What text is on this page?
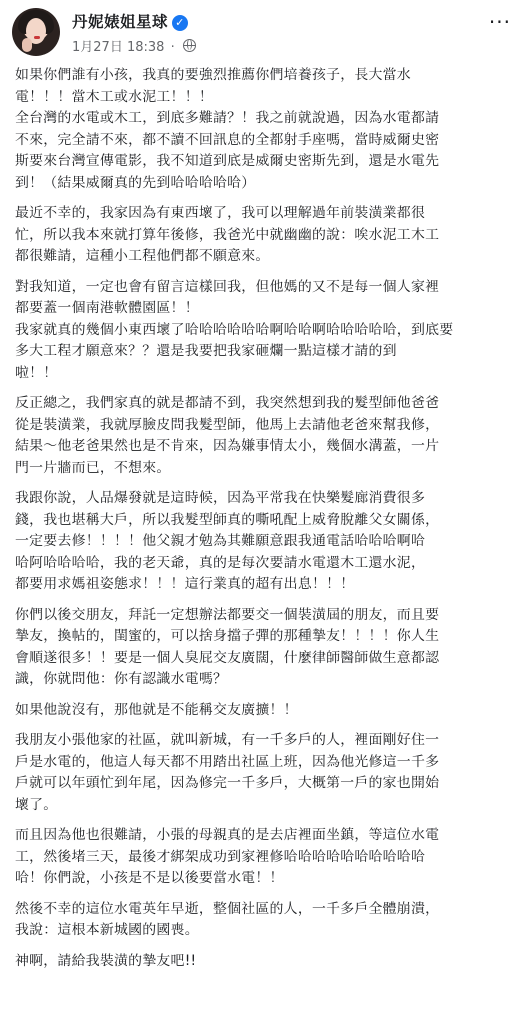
丹妮婊姐星球 ✓
1月27日 18:38 ·
···

如果你們誰有小孩，我真的要強烈推薦你們培養孩子，長大當水
電！！！當木工或水泥工！！！
全台灣的水電或木工，到底多難請？！我之前就說過，因為水電都請
不來，完全請不來，都不讀不回訊息的全都射手座嗎，當時威爾史密
斯要來台灣宣傳電影，我不知道到底是威爾史密斯先到，還是水電先
到！（結果威爾真的先到哈哈哈哈哈）

最近不幸的，我家因為有東西壞了，我可以理解過年前裝潢業都很
忙，所以我本來就打算年後修，我爸光中就幽幽的說：唉水泥工木工
都很難請，這種小工程他們都不願意來。

對我知道，一定也會有留言這樣回我，但他媽的又不是每一個人家裡
都要蓋一個南港軟體園區！！
我家就真的幾個小東西壞了哈哈哈哈哈哈啊哈哈啊哈哈哈哈哈，到底要
多大工程才願意來？？還是我要把我家砸爛一點這樣才請的到
啦！！

反正總之，我們家真的就是都請不到，我突然想到我的髮型師他爸爸
從是裝潢業，我就厚臉皮問我髮型師，他馬上去請他老爸來幫我修，
結果～他老爸果然也是不肯來，因為嫌事情太小，幾個水溝蓋，一片
門一片牆而已，不想來。

我跟你說，人品爆發就是這時候，因為平常我在快樂髮廊消費很多
錢，我也堪稱大戶，所以我髮型師真的嘶吼配上威脅脫離父女關係，
一定要去修！！！！他父親才勉為其難願意跟我通電話哈哈哈啊哈
哈阿哈哈哈哈，我的老天爺，真的是每次要請水電還木工還水泥，
都要用求媽祖姿態求！！！這行業真的超有出息！！！

你們以後交朋友，拜託一定想辦法都要交一個裝潢屆的朋友，而且要
摯友，換帖的，閨蜜的，可以捨身擋子彈的那種摯友！！！！你人生
會順遂很多！！要是一個人臭屁交友廣闊，什麼律師醫師做生意都認
識，你就問他：你有認識水電嗎？

如果他說沒有，那他就是不能稱交友廣擴！！

我朋友小張他家的社區，就叫新城，有一千多戶的人，裡面剛好住一
戶是水電的，他這人每天都不用踏出社區上班，因為他光修這一千多
戶就可以年頭忙到年尾，因為修完一千多戶，大概第一戶的家也開始
壞了。

而且因為他也很難請，小張的母親真的是去店裡面坐鎮，等這位水電
工，然後堵三天，最後才綁架成功到家裡修哈哈哈哈哈哈哈哈哈哈
哈！你們說，小孩是不是以後要當水電！！

然後不幸的這位水電英年早逝，整個社區的人，一千多戶全體崩潰，
我說：這根本新城國的國喪。

神啊，請給我裝潢的摯友吧!!
